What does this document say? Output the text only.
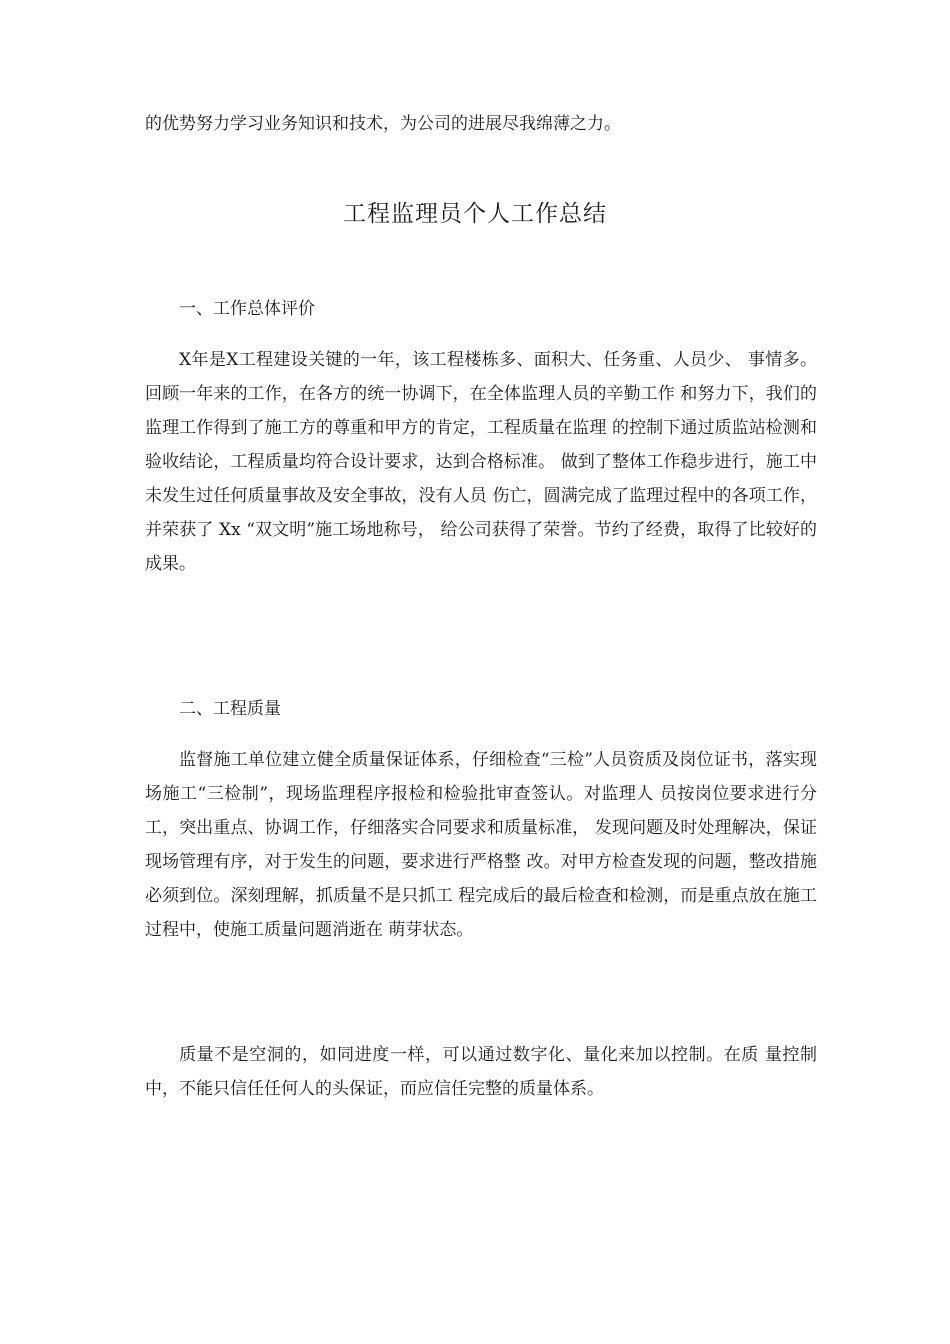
的优势努力学习业务知识和技术，为公司的进展尽我绵薄之力。

工程监理员个人工作总结

一、工作总体评价

X年是X工程建设关键的一年，该工程楼栋多、面积大、任务重、人员少、 事情多。回顾一年来的工作，在各方的统一协调下，在全体监理人员的辛勤工作 和努力下，我们的监理工作得到了施工方的尊重和甲方的肯定，工程质量在监理 的控制下通过质监站检测和验收结论，工程质量均符合设计要求，达到合格标准。 做到了整体工作稳步进行，施工中未发生过任何质量事故及安全事故，没有人员 伤亡，圆满完成了监理过程中的各项工作，并荣获了 Xx “双文明”施工场地称号， 给公司获得了荣誉。节约了经费，取得了比较好的成果。

二、工程质量

监督施工单位建立健全质量保证体系，仔细检查“三检”人员资质及岗位证书，落实现场施工“三检制”，现场监理程序报检和检验批审查签认。对监理人 员按岗位要求进行分工，突出重点、协调工作，仔细落实合同要求和质量标准， 发现问题及时处理解决，保证现场管理有序，对于发生的问题，要求进行严格整 改。对甲方检查发现的问题，整改措施必须到位。深刻理解，抓质量不是只抓工 程完成后的最后检查和检测，而是重点放在施工过程中，使施工质量问题消逝在 萌芽状态。

质量不是空洞的，如同进度一样，可以通过数字化、量化来加以控制。在质 量控制中，不能只信任任何人的头保证，而应信任完整的质量体系。
